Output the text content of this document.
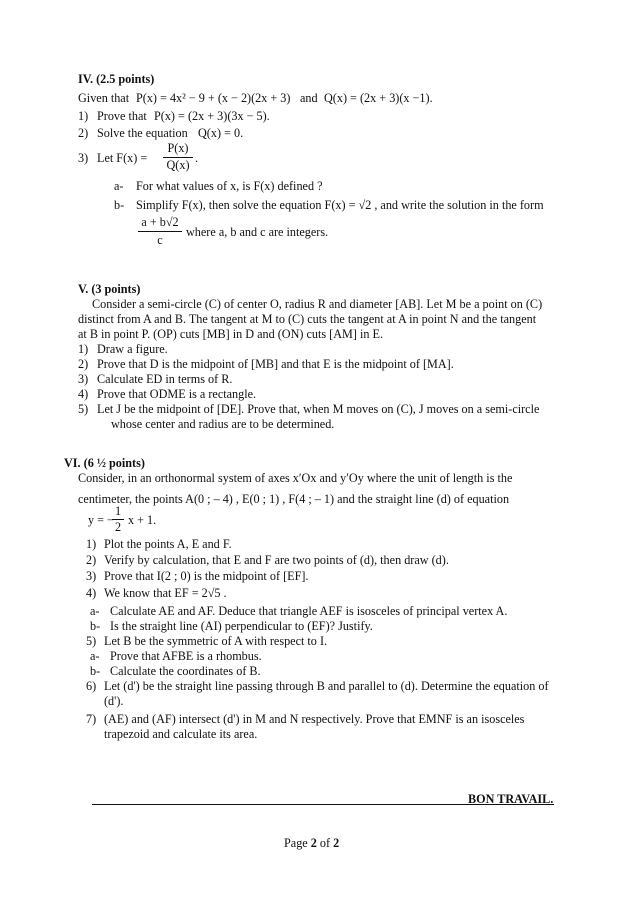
IV. (2.5 points)
Given that P(x) = 4x² − 9 + (x − 2)(2x + 3) and Q(x) = (2x + 3)(x −1).
1) Prove that P(x) = (2x + 3)(3x − 5).
2) Solve the equation Q(x) = 0.
3) Let F(x) =
P(x)
Q(x) .
a- For what values of x, is F(x) defined ?
b- Simplify F(x), then solve the equation F(x) = √2 , and write the solution in the form
a + b√2
c
where a, b and c are integers.
V. (3 points)
Consider a semi-circle (C) of center O, radius R and diameter [AB]. Let M be a point on (C)
distinct from A and B. The tangent at M to (C) cuts the tangent at A in point N and the tangent
at B in point P. (OP) cuts [MB] in D and (ON) cuts [AM] in E.
1) Draw a figure.
2) Prove that D is the midpoint of [MB] and that E is the midpoint of [MA].
3) Calculate ED in terms of R.
4) Prove that ODME is a rectangle.
5) Let J be the midpoint of [DE]. Prove that, when M moves on (C), J moves on a semi-circle
whose center and radius are to be determined.
VI. (6 ½ points)
Consider, in an orthonormal system of axes x′Ox and y′Oy where the unit of length is the
centimeter, the points A(0 ; – 4) , E(0 ; 1) , F(4 ; – 1) and the straight line (d) of equation
y = −
1
2 x + 1.
1) Plot the points A, E and F.
2) Verify by calculation, that E and F are two points of (d), then draw (d).
3) Prove that I(2 ; 0) is the midpoint of [EF].
4) We know that EF = 2√5 .
a- Calculate AE and AF. Deduce that triangle AEF is isosceles of principal vertex A.
b- Is the straight line (AI) perpendicular to (EF)? Justify.
5) Let B be the symmetric of A with respect to I.
a- Prove that AFBE is a rhombus.
b- Calculate the coordinates of B.
6) Let (d') be the straight line passing through B and parallel to (d). Determine the equation of
(d').
7) (AE) and (AF) intersect (d') in M and N respectively. Prove that EMNF is an isosceles
trapezoid and calculate its area.
BON TRAVAIL.
Page 2 of 2
